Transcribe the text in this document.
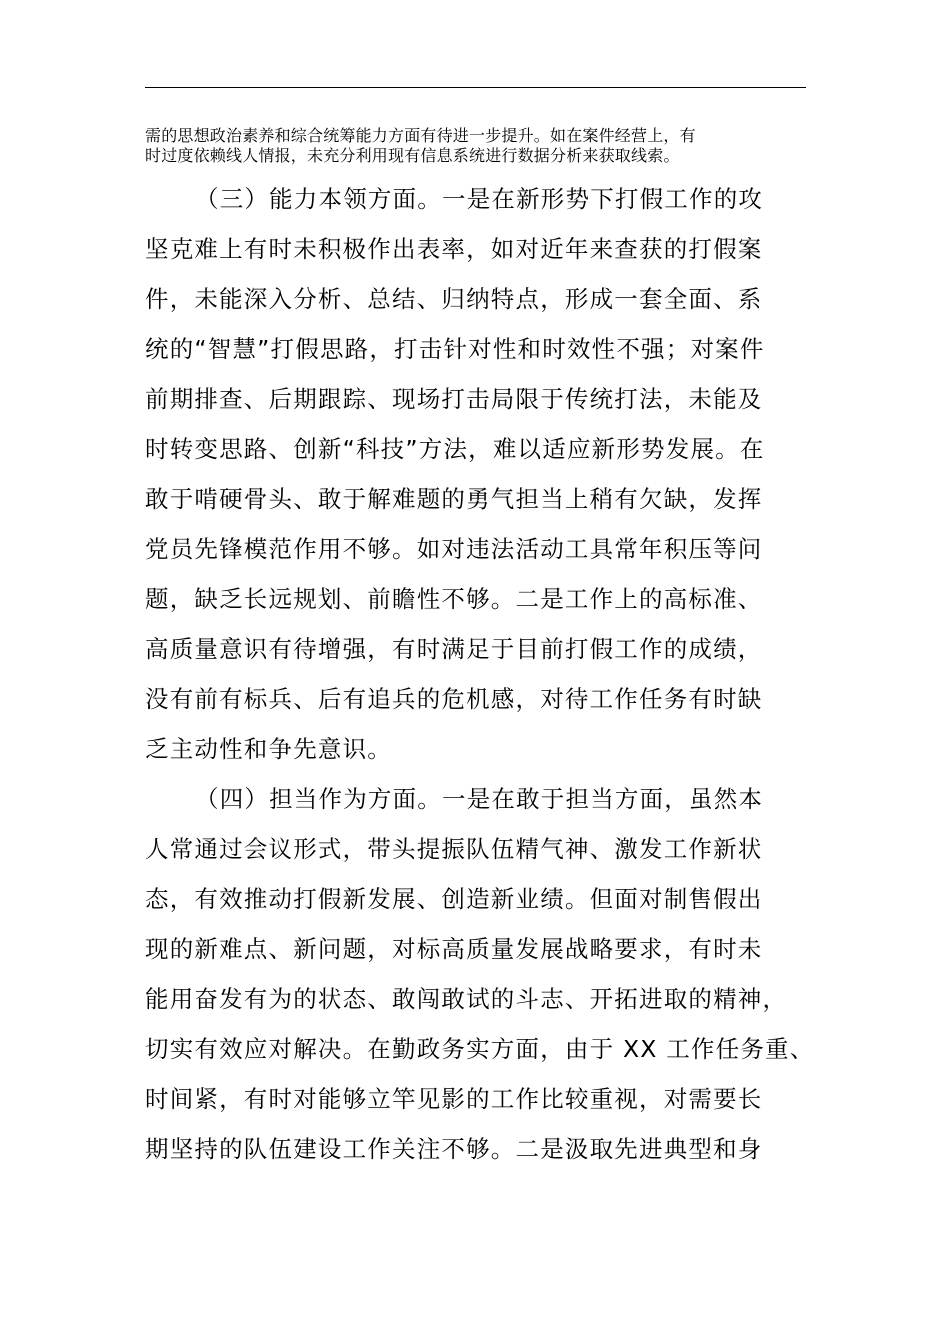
需的思想政治素养和综合统筹能力方面有待进一步提升。如在案件经营上，有
时过度依赖线人情报，未充分利用现有信息系统进行数据分析来获取线索。
（三）能力本领方面。一是在新形势下打假工作的攻
坚克难上有时未积极作出表率，如对近年来查获的打假案
件，未能深入分析、总结、归纳特点，形成一套全面、系
统的“智慧”打假思路，打击针对性和时效性不强；对案件
前期排查、后期跟踪、现场打击局限于传统打法，未能及
时转变思路、创新“科技”方法，难以适应新形势发展。在
敢于啃硬骨头、敢于解难题的勇气担当上稍有欠缺，发挥
党员先锋模范作用不够。如对违法活动工具常年积压等问
题，缺乏长远规划、前瞻性不够。二是工作上的高标准、
高质量意识有待增强，有时满足于目前打假工作的成绩，
没有前有标兵、后有追兵的危机感，对待工作任务有时缺
乏主动性和争先意识。
（四）担当作为方面。一是在敢于担当方面，虽然本
人常通过会议形式，带头提振队伍精气神、激发工作新状
态，有效推动打假新发展、创造新业绩。但面对制售假出
现的新难点、新问题，对标高质量发展战略要求，有时未
能用奋发有为的状态、敢闯敢试的斗志、开拓进取的精神，
切实有效应对解决。在勤政务实方面，由于 XX 工作任务重、
时间紧，有时对能够立竿见影的工作比较重视，对需要长
期坚持的队伍建设工作关注不够。二是汲取先进典型和身
